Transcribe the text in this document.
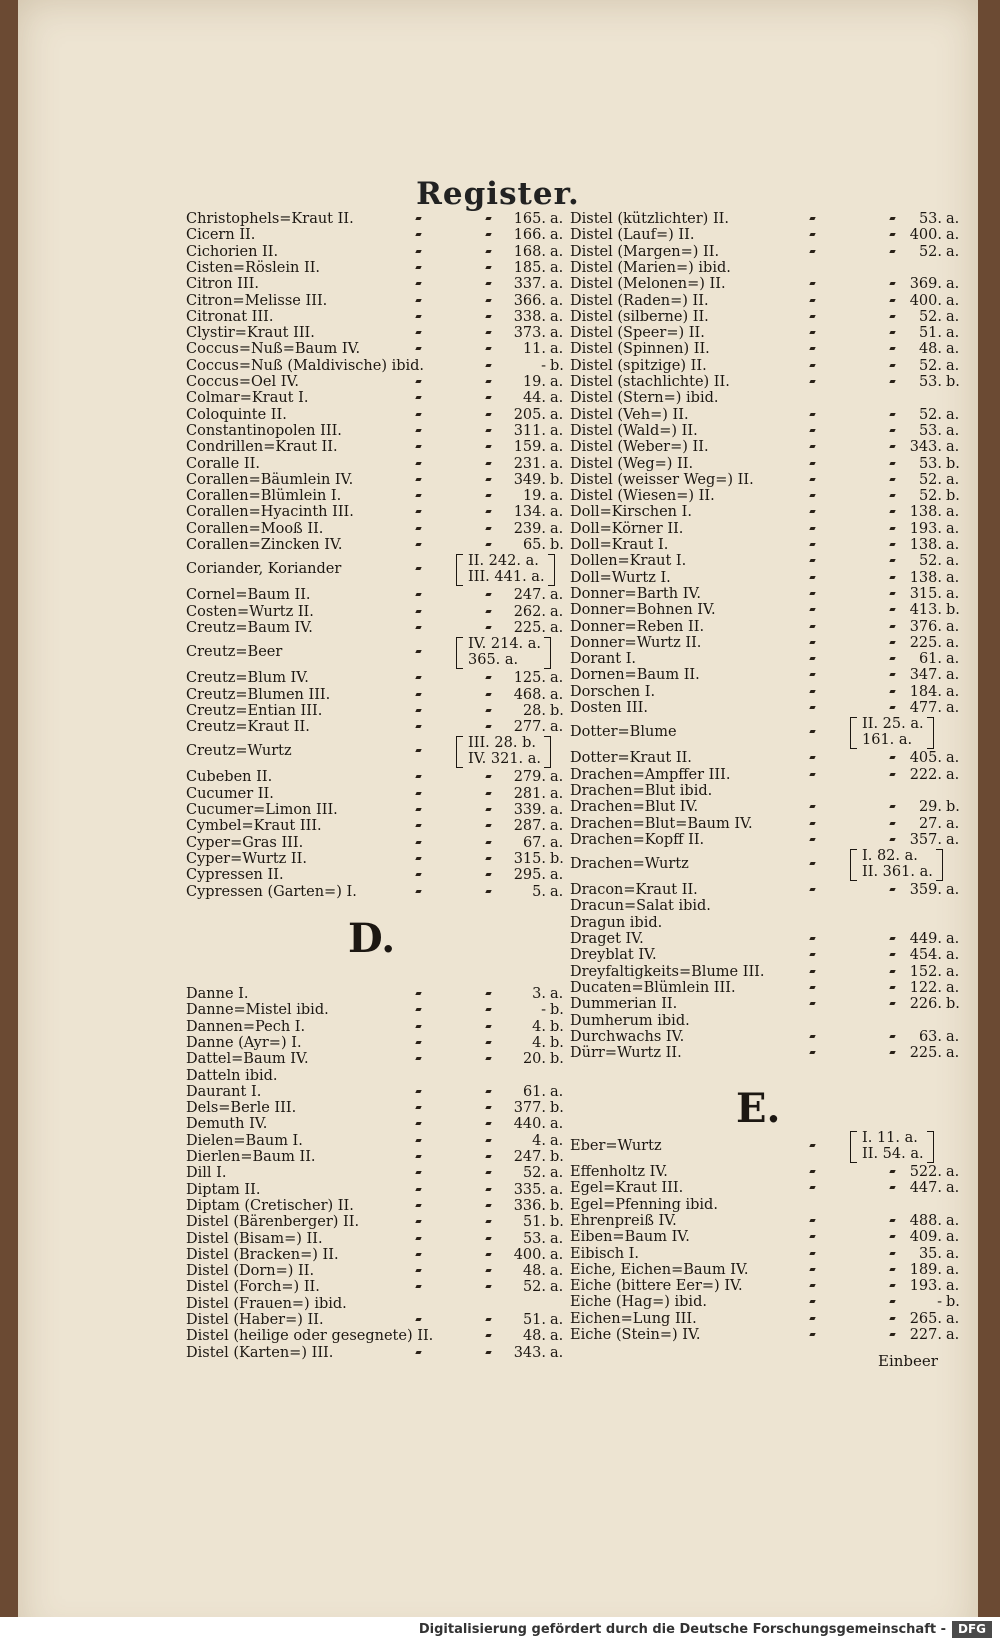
Register.
Christophels=Kraut II.	165. a.
Cicern II.	166. a.
Cichorien II.	168. a.
Cisten=Röslein II.	185. a.
Citron III.	337. a.
Citron=Melisse III.	366. a.
Citronat III.	338. a.
Clystir=Kraut III.	373. a.
Coccus=Nuß=Baum IV.	11. a.
Coccus=Nuß (Maldivische) ibid.	- b.
Coccus=Oel IV.	19. a.
Colmar=Kraut I.	44. a.
Coloquinte II.	205. a.
Constantinopolen III.	311. a.
Condrillen=Kraut II.	159. a.
Coralle II.	231. a.
Corallen=Bäumlein IV.	349. b.
Corallen=Blümlein I.	19. a.
Corallen=Hyacinth III.	134. a.
Corallen=Mooß II.	239. a.
Corallen=Zincken IV.	65. b.
Coriander, Koriander	II. 242. a.
III. 441. a.
Cornel=Baum II.	247. a.
Costen=Wurtz II.	262. a.
Creutz=Baum IV.	225. a.
Creutz=Beer	IV. 214. a.
365. a.
Creutz=Blum IV.	125. a.
Creutz=Blumen III.	468. a.
Creutz=Entian III.	28. b.
Creutz=Kraut II.	277. a.
Creutz=Wurtz	III. 28. b.
IV. 321. a.
Cubeben II.	279. a.
Cucumer II.	281. a.
Cucumer=Limon III.	339. a.
Cymbel=Kraut III.	287. a.
Cyper=Gras III.	67. a.
Cyper=Wurtz II.	315. b.
Cypressen II.	295. a.
Cypressen (Garten=) I.	5. a.
Danne I.	3. a.
Danne=Mistel ibid.	- b.
Dannen=Pech I.	4. b.
Danne (Ayr=) I.	4. b.
Dattel=Baum IV.	20. b.
Datteln ibid.
Daurant I.	61. a.
Dels=Berle III.	377. b.
Demuth IV.	440. a.
Dielen=Baum I.	4. a.
Dierlen=Baum II.	247. b.
Dill I.	52. a.
Diptam II.	335. a.
Diptam (Cretischer) II.	336. b.
Distel (Bärenberger) II.	51. b.
Distel (Bisam=) II.	53. a.
Distel (Bracken=) II.	400. a.
Distel (Dorn=) II.	48. a.
Distel (Forch=) II.	52. a.
Distel (Frauen=) ibid.
Distel (Haber=) II.	51. a.
Distel (heilige oder gesegnete) II.	48. a.
Distel (Karten=) III.	343. a.
Distel (kützlichter) II.	53. a.
Distel (Lauf=) II.	400. a.
Distel (Margen=) II.	52. a.
Distel (Marien=) ibid.
Distel (Melonen=) II.	369. a.
Distel (Raden=) II.	400. a.
Distel (silberne) II.	52. a.
Distel (Speer=) II.	51. a.
Distel (Spinnen) II.	48. a.
Distel (spitzige) II.	52. a.
Distel (stachlichte) II.	53. b.
Distel (Stern=) ibid.
Distel (Veh=) II.	52. a.
Distel (Wald=) II.	53. a.
Distel (Weber=) II.	343. a.
Distel (Weg=) II.	53. b.
Distel (weisser Weg=) II.	52. a.
Distel (Wiesen=) II.	52. b.
Doll=Kirschen I.	138. a.
Doll=Körner II.	193. a.
Doll=Kraut I.	138. a.
Dollen=Kraut I.	52. a.
Doll=Wurtz I.	138. a.
Donner=Barth IV.	315. a.
Donner=Bohnen IV.	413. b.
Donner=Reben II.	376. a.
Donner=Wurtz II.	225. a.
Dorant I.	61. a.
Dornen=Baum II.	347. a.
Dorschen I.	184. a.
Dosten III.	477. a.
Dotter=Blume	II. 25. a.
161. a.
Dotter=Kraut II.	405. a.
Drachen=Ampffer III.	222. a.
Drachen=Blut ibid.
Drachen=Blut IV.	29. b.
Drachen=Blut=Baum IV.	27. a.
Drachen=Kopff II.	357. a.
Drachen=Wurtz	I. 82. a.
II. 361. a.
Dracon=Kraut II.	359. a.
Dracun=Salat ibid.
Dragun ibid.
Draget IV.	449. a.
Dreyblat IV.	454. a.
Dreyfaltigkeits=Blume III.	152. a.
Ducaten=Blümlein III.	122. a.
Dummerian II.	226. b.
Dumherum ibid.
Durchwachs IV.	63. a.
Dürr=Wurtz II.	225. a.
Eber=Wurtz	I. 11. a.
II. 54. a.
Effenholtz IV.	522. a.
Egel=Kraut III.	447. a.
Egel=Pfenning ibid.
Ehrenpreiß IV.	488. a.
Eiben=Baum IV.	409. a.
Eibisch I.	35. a.
Eiche, Eichen=Baum IV.	189. a.
Eiche (bittere Eer=) IV.	193. a.
Eiche (Hag=) ibid.	- b.
Eichen=Lung III.	265. a.
Eiche (Stein=) IV.	227. a.
D.
E.
Einbeer
Digitalisierung gefördert durch die Deutsche Forschungsgemeinschaft - DFG
